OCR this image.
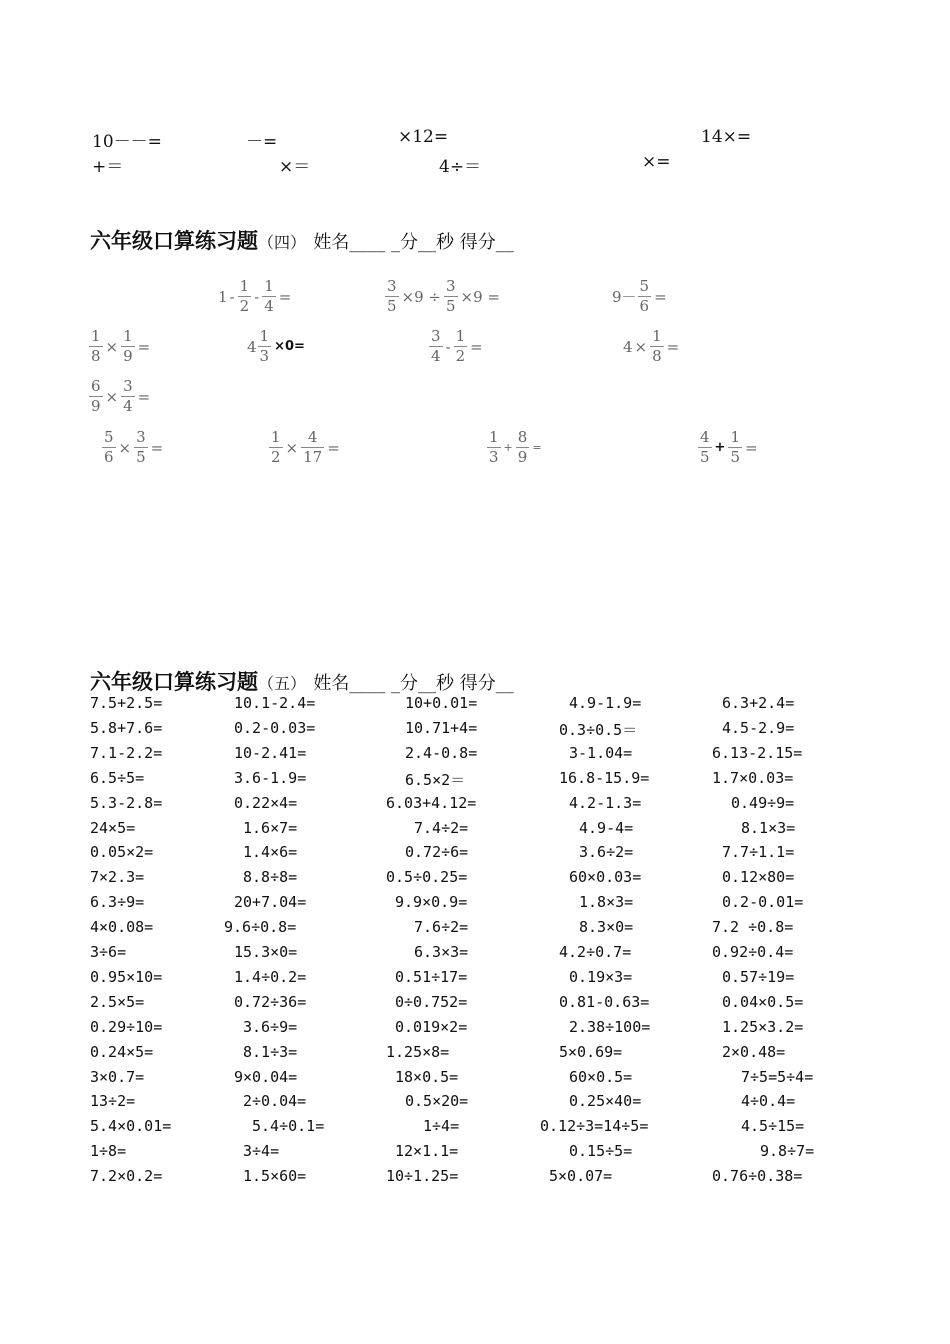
10－－=	－=	×12=	14×=
+＝	×＝	4÷＝	×=
六年级口算练习题（四） 姓名____ _分__秒 得分__
$1 - \frac{1}{2} - \frac{1}{4}$ =	$\frac{3}{5} \times 9 \div \frac{3}{5} \times 9$ =	$9- \frac{5}{6}$ =
$\frac{1}{8} \times \frac{1}{9}$ =	$4 \frac{1}{3} \times 0=$	$\frac{3}{4} - \frac{1}{2}$ =	$4 \times \frac{1}{8}$ =
$\frac{6}{9} \times \frac{3}{4}$ =
$\frac{5}{6} \times \frac{3}{5}$ =	$\frac{1}{2} \times \frac{4}{17}$ =	$\frac{1}{3} + \frac{8}{9}$ =	$\frac{4}{5} + \frac{1}{5}$ =
六年级口算练习题（五） 姓名____ _分__秒 得分__
7.5+2.5=	10.1-2.4=	10+0.01=	4.9-1.9=	6.3+2.4=
5.8+7.6=	0.2-0.03=	10.71+4=	0.3÷0.5＝	4.5-2.9=
7.1-2.2=	10-2.41=	2.4-0.8=	3-1.04=	6.13-2.15=
6.5÷5=	3.6-1.9=	6.5×2＝	16.8-15.9=	1.7×0.03=
5.3-2.8=	0.22×4=	6.03+4.12=	4.2-1.3=	0.49÷9=
24×5=	1.6×7=	7.4÷2=	4.9-4=	8.1×3=
0.05×2=	1.4×6=	0.72÷6=	3.6÷2=	7.7÷1.1=
7×2.3=	8.8÷8=	0.5÷0.25=	60×0.03=	0.12×80=
6.3÷9=	20+7.04=	9.9×0.9=	1.8×3=	0.2-0.01=
4×0.08=	9.6÷0.8=	7.6÷2=	8.3×0=	7.2 ÷0.8=
3÷6=	15.3×0=	6.3×3=	4.2÷0.7=	0.92÷0.4=
0.95×10=	1.4÷0.2=	0.51÷17=	0.19×3=	0.57÷19=
2.5×5=	0.72÷36=	0÷0.752=	0.81-0.63=	0.04×0.5=
0.29÷10=	3.6÷9=	0.019×2=	2.38÷100=	1.25×3.2=
0.24×5=	8.1÷3=	1.25×8=	5×0.69=	2×0.48=
3×0.7=	9×0.04=	18×0.5=	60×0.5=	7÷5=5÷4=
13÷2=	2÷0.04=	0.5×20=	0.25×40=	4÷0.4=
5.4×0.01=	5.4÷0.1=	1÷4=	0.12÷3=14÷5=	4.5÷15=
1÷8=	3÷4=	12×1.1=	0.15÷5=	9.8÷7=
7.2×0.2=	1.5×60=	10÷1.25=	5×0.07=	0.76÷0.38=
